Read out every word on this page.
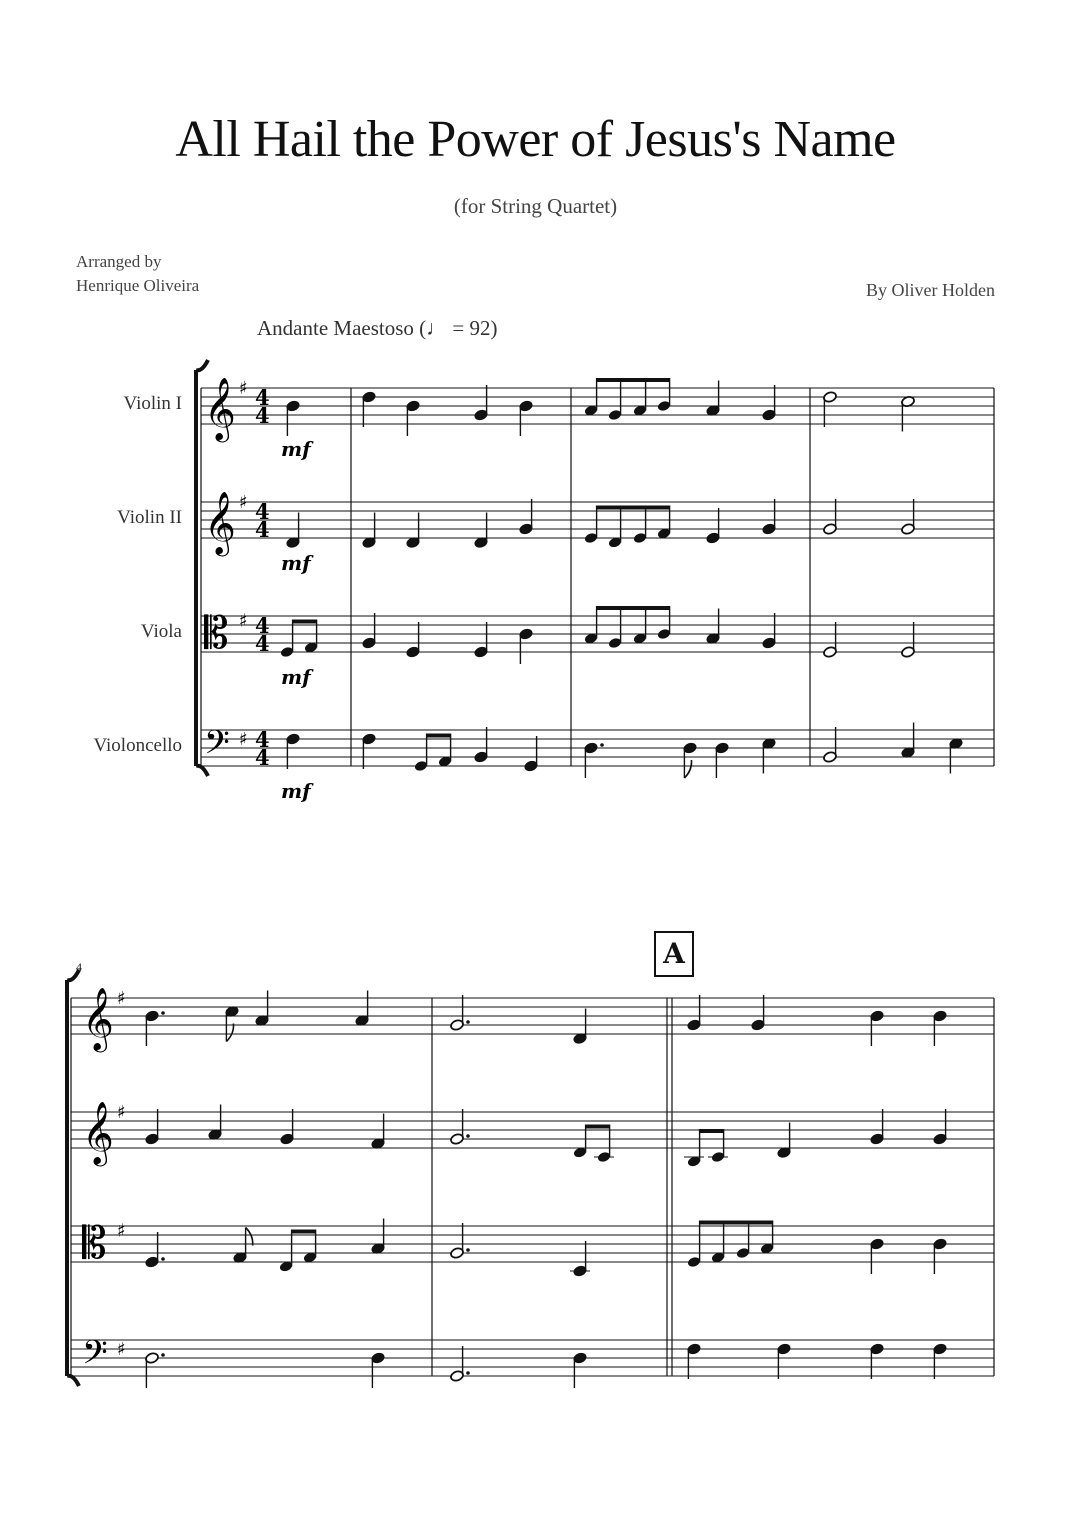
All Hail the Power of Jesus's Name
(for String Quartet)
Arranged by
Henrique Oliveira	By Oliver Holden
Andante Maestoso (♩ = 92)
Violin I
Violin II
Viola
Violoncello
4	A
𝄞 ♯ 4
4
mf
𝄞 ♯ 4
4
mf
𝄡 ♯ 4
4
mf
𝄢 ♯ 4
4
mf
𝄞 ♯
𝄞 ♯
𝄡 ♯
𝄢 ♯
